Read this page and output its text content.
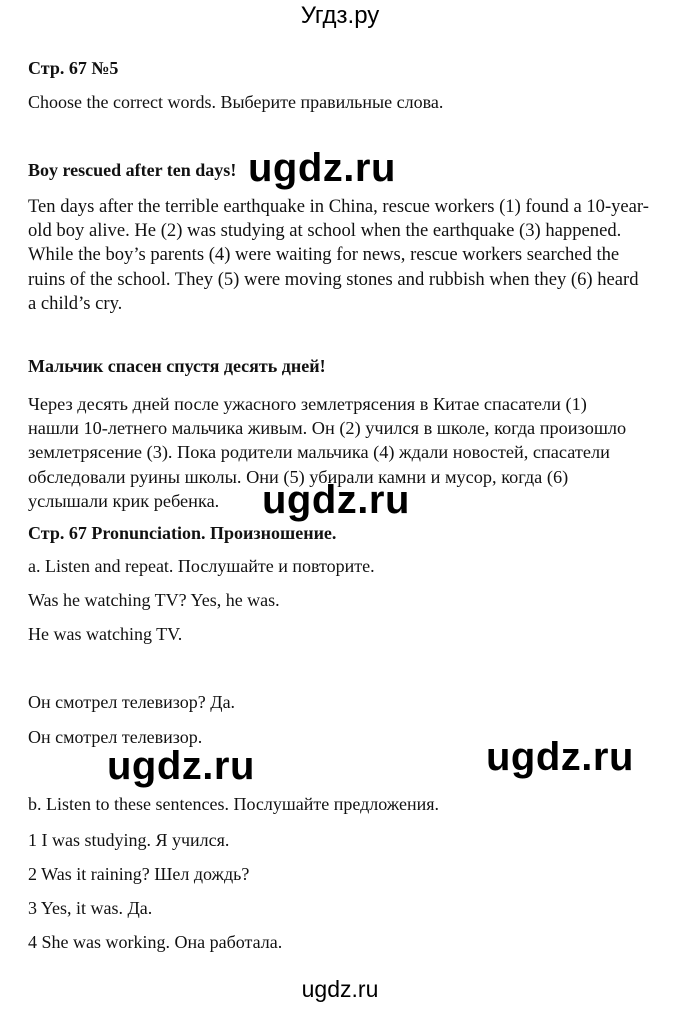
Угдз.ру
Стр. 67 №5
Choose the correct words. Выберите правильные слова.
Boy rescued after ten days! ugdz.ru
Ten days after the terrible earthquake in China, rescue workers (1) found a 10-year-
old boy alive. He (2) was studying at school when the earthquake (3) happened.
While the boy’s parents (4) were waiting for news, rescue workers searched the
ruins of the school. They (5) were moving stones and rubbish when they (6) heard
a child’s cry.
Мальчик спасен спустя десять дней!
Через десять дней после ужасного землетрясения в Китае спасатели (1)
нашли 10-летнего мальчика живым. Он (2) учился в школе, когда произошло
землетрясение (3). Пока родители мальчика (4) ждали новостей, спасатели
обследовали руины школы. Они (5) убирали камни и мусор, когда (6)
услышали крик ребенка.	ugdz.ru
Стр. 67 Pronunciation. Произношение.
a. Listen and repeat. Послушайте и повторите.
Was he watching TV? Yes, he was.
He was watching TV.
Он смотрел телевизор? Да.
Он смотрел телевизор.
ugdz.ru	ugdz.ru
b. Listen to these sentences. Послушайте предложения.
1 I was studying. Я учился.
2 Was it raining? Шел дождь?
3 Yes, it was. Да.
4 She was working. Она работала.
ugdz.ru
